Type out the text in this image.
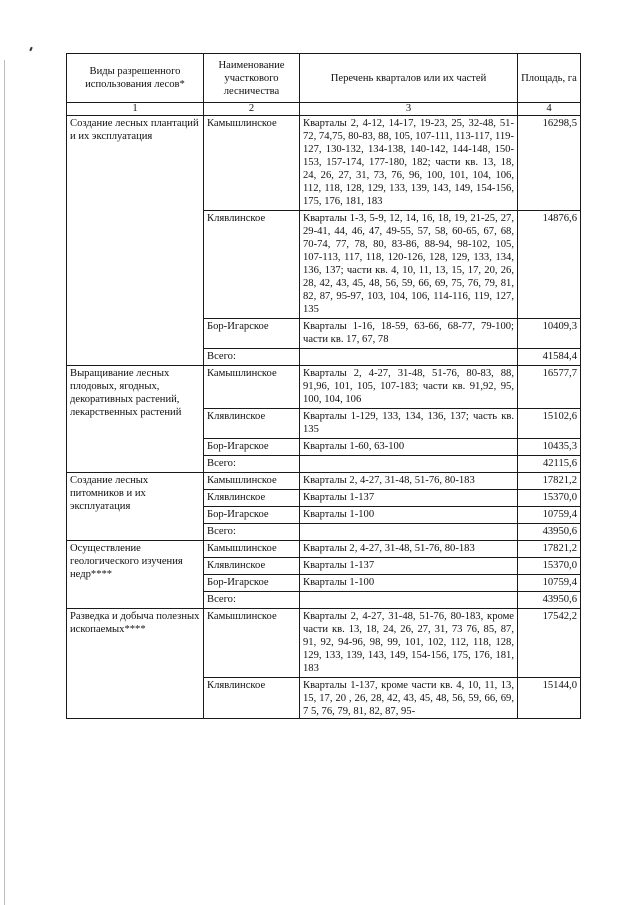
Виды разрешенного использования лесов*	Наименование участкового лесничества	Перечень кварталов или их частей	Площадь, га
1	2	3	4
Создание лесных плантаций и их эксплуатация	Камышлинское	Кварталы 2, 4-12, 14-17, 19-23, 25, 32-48, 51-72, 74,75, 80-83, 88, 105, 107-111, 113-117, 119-127, 130-132, 134-138, 140-142, 144-148, 150-153, 157-174, 177-180, 182; части кв. 13, 18, 24, 26, 27, 31, 73, 76, 96, 100, 101, 104, 106, 112, 118, 128, 129, 133, 139, 143, 149, 154-156, 175, 176, 181, 183	16298,5
	Клявлинское	Кварталы 1-3, 5-9, 12, 14, 16, 18, 19, 21-25, 27, 29-41, 44, 46, 47, 49-55, 57, 58, 60-65, 67, 68, 70-74, 77, 78, 80, 83-86, 88-94, 98-102, 105, 107-113, 117, 118, 120-126, 128, 129, 133, 134, 136, 137; части кв. 4, 10, 11, 13, 15, 17, 20, 26, 28, 42, 43, 45, 48, 56, 59, 66, 69, 75, 76, 79, 81, 82, 87, 95-97, 103, 104, 106, 114-116, 119, 127, 135	14876,6
	Бор-Игарское	Кварталы 1-16, 18-59, 63-66, 68-77, 79-100; части кв. 17, 67, 78	10409,3
	Всего:		41584,4
Выращивание лесных плодовых, ягодных, декоративных растений, лекарственных растений	Камышлинское	Кварталы 2, 4-27, 31-48, 51-76, 80-83, 88, 91,96, 101, 105, 107-183; части кв. 91,92, 95, 100, 104, 106	16577,7
	Клявлинское	Кварталы 1-129, 133, 134, 136, 137; часть кв. 135	15102,6
	Бор-Игарское	Кварталы 1-60, 63-100	10435,3
	Всего:		42115,6
Создание лесных питомников и их эксплуатация	Камышлинское	Кварталы 2, 4-27, 31-48, 51-76, 80-183	17821,2
	Клявлинское	Кварталы 1-137	15370,0
	Бор-Игарское	Кварталы 1-100	10759,4
	Всего:		43950,6
Осуществление геологического изучения недр****	Камышлинское	Кварталы 2, 4-27, 31-48, 51-76, 80-183	17821,2
	Клявлинское	Кварталы 1-137	15370,0
	Бор-Игарское	Кварталы 1-100	10759,4
	Всего:		43950,6
Разведка и добыча полезных ископаемых****	Камышлинское	Кварталы 2, 4-27, 31-48, 51-76, 80-183, кроме части кв. 13, 18, 24, 26, 27, 31, 73 76, 85, 87, 91, 92, 94-96, 98, 99, 101, 102, 112, 118, 128, 129, 133, 139, 143, 149, 154-156, 175, 176, 181, 183	17542,2
	Клявлинское	Кварталы 1-137, кроме части кв. 4, 10, 11, 13, 15, 17, 20 , 26, 28, 42, 43, 45, 48, 56, 59, 66, 69, 7 5, 76, 79, 81, 82, 87, 95-	15144,0
